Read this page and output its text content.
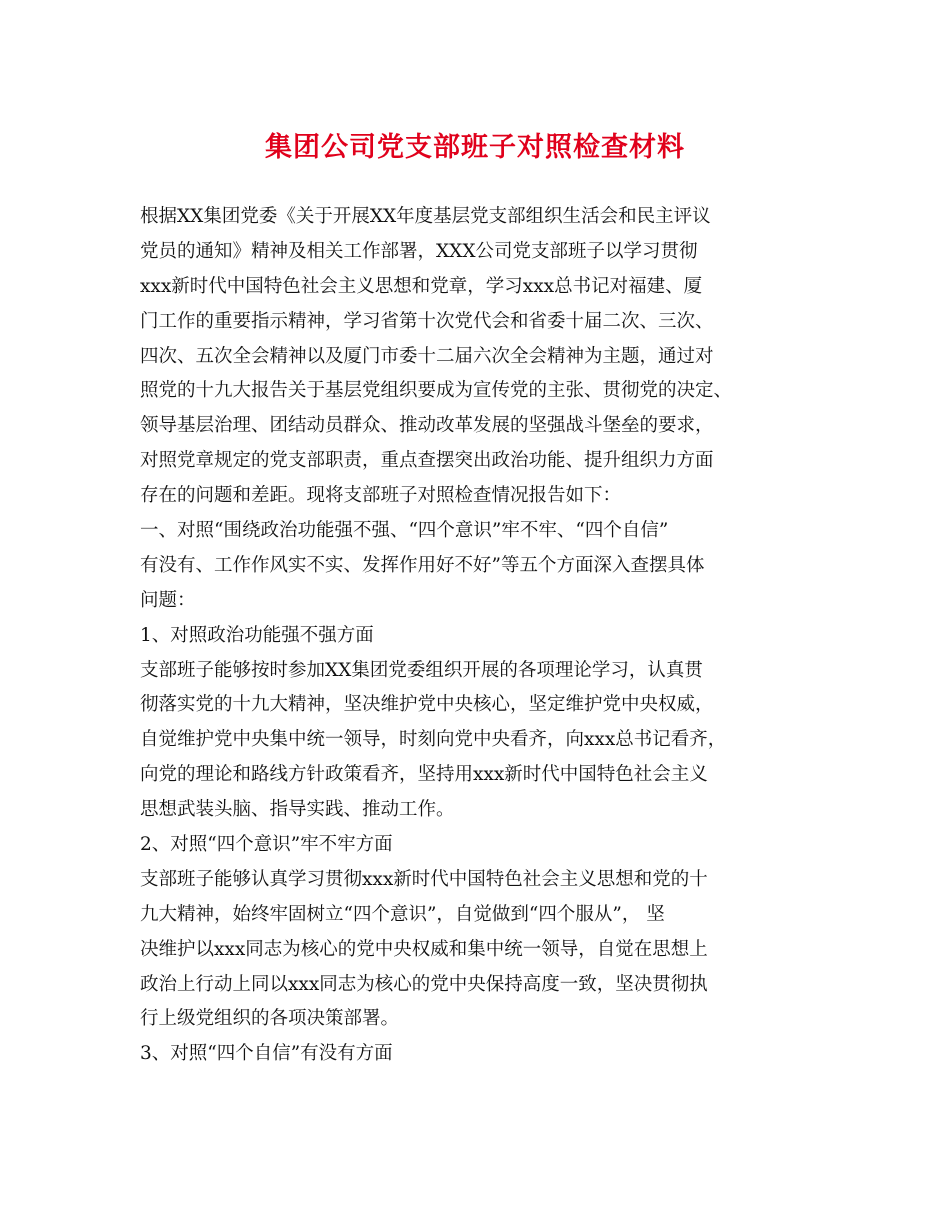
集团公司党支部班子对照检查材料
根据XX集团党委《关于开展XX年度基层党支部组织生活会和民主评议
党员的通知》精神及相关工作部署，XXX公司党支部班子以学习贯彻
xxx新时代中国特色社会主义思想和党章，学习xxx总书记对福建、厦
门工作的重要指示精神，学习省第十次党代会和省委十届二次、三次、
四次、五次全会精神以及厦门市委十二届六次全会精神为主题，通过对
照党的十九大报告关于基层党组织要成为宣传党的主张、贯彻党的决定、
领导基层治理、团结动员群众、推动改革发展的坚强战斗堡垒的要求，
对照党章规定的党支部职责，重点查摆突出政治功能、提升组织力方面
存在的问题和差距。现将支部班子对照检查情况报告如下：
一、对照“围绕政治功能强不强、“四个意识”牢不牢、“四个自信”
有没有、工作作风实不实、发挥作用好不好”等五个方面深入查摆具体
问题：
1、对照政治功能强不强方面
支部班子能够按时参加XX集团党委组织开展的各项理论学习，认真贯
彻落实党的十九大精神，坚决维护党中央核心，坚定维护党中央权威，
自觉维护党中央集中统一领导，时刻向党中央看齐，向xxx总书记看齐，
向党的理论和路线方针政策看齐，坚持用xxx新时代中国特色社会主义
思想武装头脑、指导实践、推动工作。
2、对照“四个意识”牢不牢方面
支部班子能够认真学习贯彻xxx新时代中国特色社会主义思想和党的十
九大精神，始终牢固树立“四个意识”，自觉做到“四个服从”， 坚
决维护以xxx同志为核心的党中央权威和集中统一领导，自觉在思想上
政治上行动上同以xxx同志为核心的党中央保持高度一致，坚决贯彻执
行上级党组织的各项决策部署。
3、对照“四个自信”有没有方面
